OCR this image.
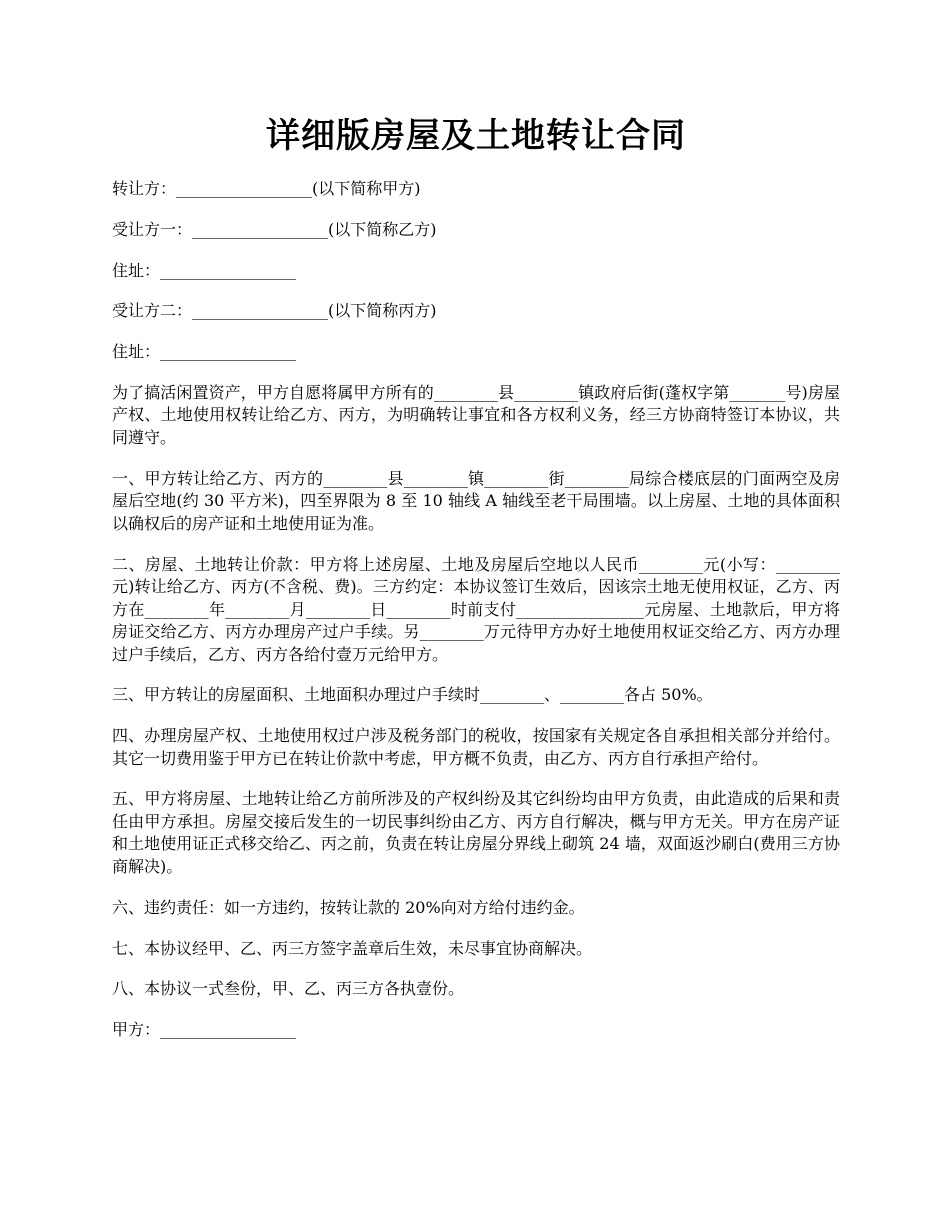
详细版房屋及土地转让合同

转让方：_________________(以下简称甲方)

受让方一：_________________(以下简称乙方)

住址：_________________

受让方二：_________________(以下简称丙方)

住址：_________________

为了搞活闲置资产，甲方自愿将属甲方所有的________县________镇政府后街(蓬权字第_______号)房屋产权、土地使用权转让给乙方、丙方，为明确转让事宜和各方权利义务，经三方协商特签订本协议，共同遵守。

一、甲方转让给乙方、丙方的________县________镇________街________局综合楼底层的门面两空及房屋后空地(约 30 平方米)，四至界限为 8 至 10 轴线 A 轴线至老干局围墙。以上房屋、土地的具体面积以确权后的房产证和土地使用证为准。

二、房屋、土地转让价款：甲方将上述房屋、土地及房屋后空地以人民币________元(小写：________元)转让给乙方、丙方(不含税、费)。三方约定：本协议签订生效后，因该宗土地无使用权证，乙方、丙方在________年________月________日________时前支付________________元房屋、土地款后，甲方将房证交给乙方、丙方办理房产过户手续。另________万元待甲方办好土地使用权证交给乙方、丙方办理过户手续后，乙方、丙方各给付壹万元给甲方。

三、甲方转让的房屋面积、土地面积办理过户手续时________、________各占 50%。

四、办理房屋产权、土地使用权过户涉及税务部门的税收，按国家有关规定各自承担相关部分并给付。其它一切费用鉴于甲方已在转让价款中考虑，甲方概不负责，由乙方、丙方自行承担产给付。

五、甲方将房屋、土地转让给乙方前所涉及的产权纠纷及其它纠纷均由甲方负责，由此造成的后果和责任由甲方承担。房屋交接后发生的一切民事纠纷由乙方、丙方自行解决，概与甲方无关。甲方在房产证和土地使用证正式移交给乙、丙之前，负责在转让房屋分界线上砌筑 24 墙，双面返沙刷白(费用三方协商解决)。

六、违约责任：如一方违约，按转让款的 20%向对方给付违约金。

七、本协议经甲、乙、丙三方签字盖章后生效，未尽事宜协商解决。

八、本协议一式叁份，甲、乙、丙三方各执壹份。

甲方：_________________
